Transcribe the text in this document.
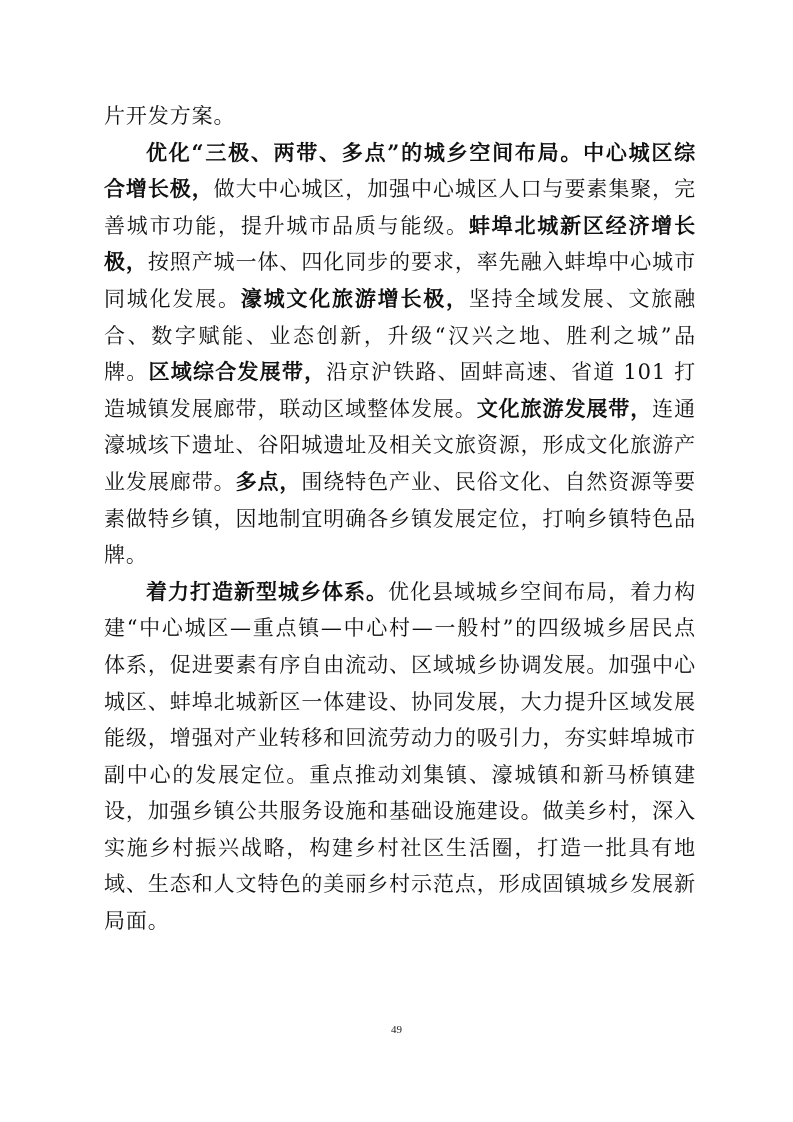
片开发方案。

优化“三极、两带、多点”的城乡空间布局。中心城区综合增长极，做大中心城区，加强中心城区人口与要素集聚，完善城市功能，提升城市品质与能级。蚌埠北城新区经济增长极，按照产城一体、四化同步的要求，率先融入蚌埠中心城市同城化发展。濠城文化旅游增长极，坚持全域发展、文旅融合、数字赋能、业态创新，升级“汉兴之地、胜利之城”品牌。区域综合发展带，沿京沪铁路、固蚌高速、省道 101 打造城镇发展廊带，联动区域整体发展。文化旅游发展带，连通濠城垓下遗址、谷阳城遗址及相关文旅资源，形成文化旅游产业发展廊带。多点，围绕特色产业、民俗文化、自然资源等要素做特乡镇，因地制宜明确各乡镇发展定位，打响乡镇特色品牌。

着力打造新型城乡体系。优化县域城乡空间布局，着力构建“中心城区—重点镇—中心村—一般村”的四级城乡居民点体系，促进要素有序自由流动、区域城乡协调发展。加强中心城区、蚌埠北城新区一体建设、协同发展，大力提升区域发展能级，增强对产业转移和回流劳动力的吸引力，夯实蚌埠城市副中心的发展定位。重点推动刘集镇、濠城镇和新马桥镇建设，加强乡镇公共服务设施和基础设施建设。做美乡村，深入实施乡村振兴战略，构建乡村社区生活圈，打造一批具有地域、生态和人文特色的美丽乡村示范点，形成固镇城乡发展新局面。

49
